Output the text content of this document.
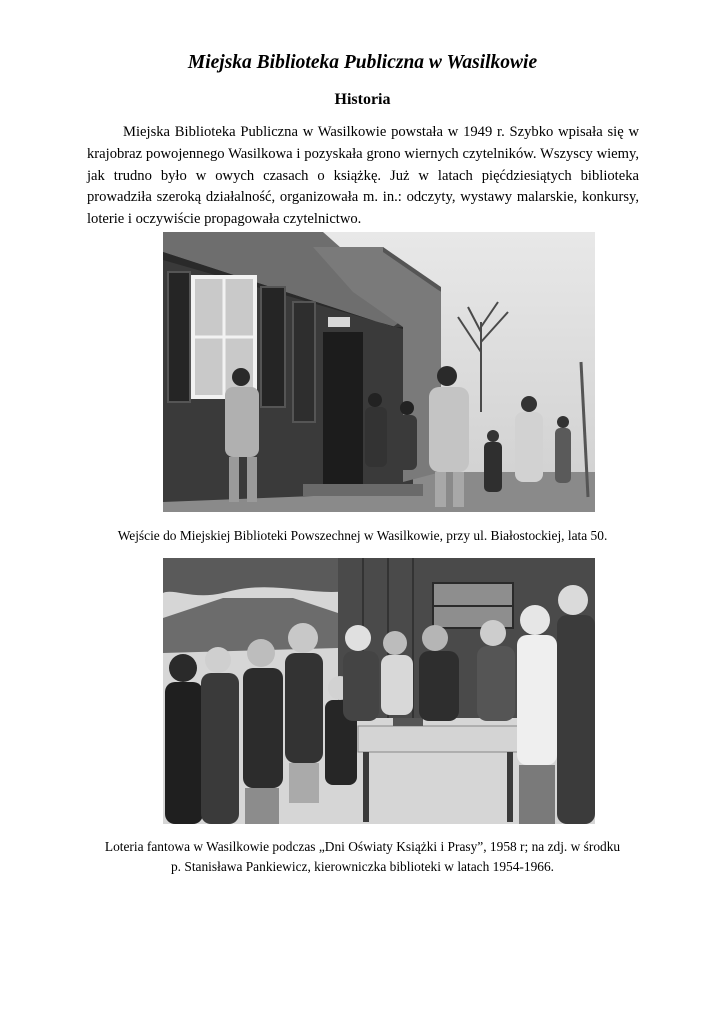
Miejska Biblioteka Publiczna w Wasilkowie
Historia

Miejska Biblioteka Publiczna w Wasilkowie powstała w 1949 r. Szybko wpisała się w krajobraz powojennego Wasilkowa i pozyskała grono wiernych czytelników. Wszyscy wiemy, jak trudno było w owych czasach o książkę. Już w latach pięćdziesiątych biblioteka prowadziła szeroką działalność, organizowała m. in.: odczyty, wystawy malarskie, konkursy, loterie i oczywiście propagowała czytelnictwo.

Wejście do Miejskiej Biblioteki Powszechnej w Wasilkowie, przy ul. Białostockiej, lata 50.
Loteria fantowa w Wasilkowie podczas „Dni Oświaty Książki i Prasy”, 1958 r; na zdj. w środku
p. Stanisława Pankiewicz, kierowniczka biblioteki w latach 1954-1966.
